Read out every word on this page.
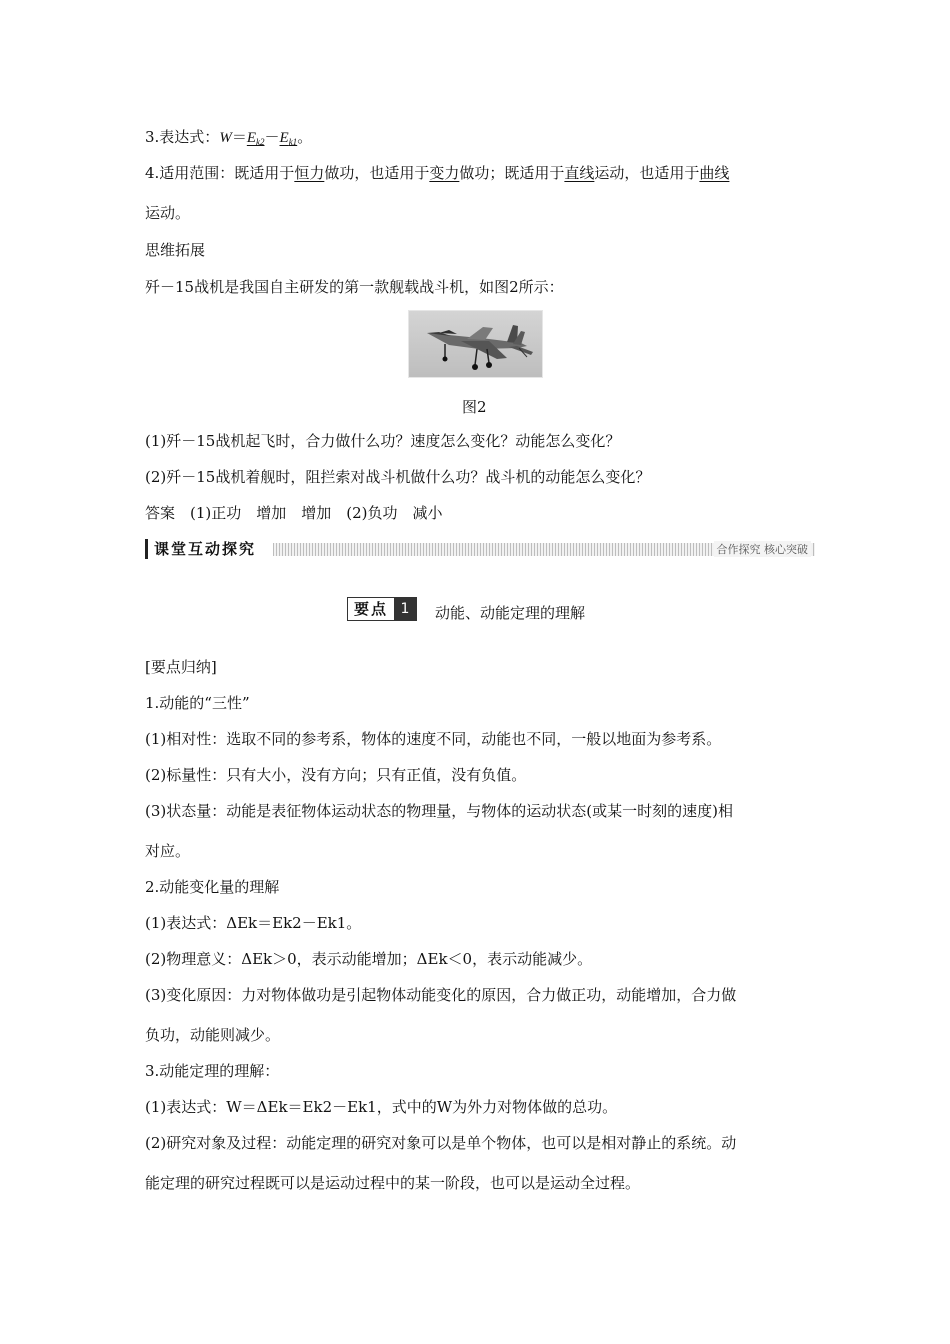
3.表达式：$W=E_{k2}-E_{k1}$。
4.适用范围：既适用于恒力做功，也适用于变力做功；既适用于直线运动，也适用于曲线
运动。
思维拓展
歼－15战机是我国自主研发的第一款舰载战斗机，如图2所示：
图2
(1)歼－15战机起飞时，合力做什么功？速度怎么变化？动能怎么变化？
(2)歼－15战机着舰时，阻拦索对战斗机做什么功？战斗机的动能怎么变化？
答案　(1)正功　增加　增加　(2)负功　减小
课堂互动探究	合作探究 核心突破
要点 1	动能、动能定理的理解
[要点归纳]
1.动能的“三性”
(1)相对性：选取不同的参考系，物体的速度不同，动能也不同，一般以地面为参考系。
(2)标量性：只有大小，没有方向；只有正值，没有负值。
(3)状态量：动能是表征物体运动状态的物理量，与物体的运动状态(或某一时刻的速度)相
对应。
2.动能变化量的理解
(1)表达式：ΔEk＝Ek2－Ek1。
(2)物理意义：ΔEk＞0，表示动能增加；ΔEk＜0，表示动能减少。
(3)变化原因：力对物体做功是引起物体动能变化的原因，合力做正功，动能增加，合力做
负功，动能则减少。
3.动能定理的理解：
(1)表达式：W＝ΔEk＝Ek2－Ek1，式中的W为外力对物体做的总功。
(2)研究对象及过程：动能定理的研究对象可以是单个物体，也可以是相对静止的系统。动
能定理的研究过程既可以是运动过程中的某一阶段，也可以是运动全过程。
